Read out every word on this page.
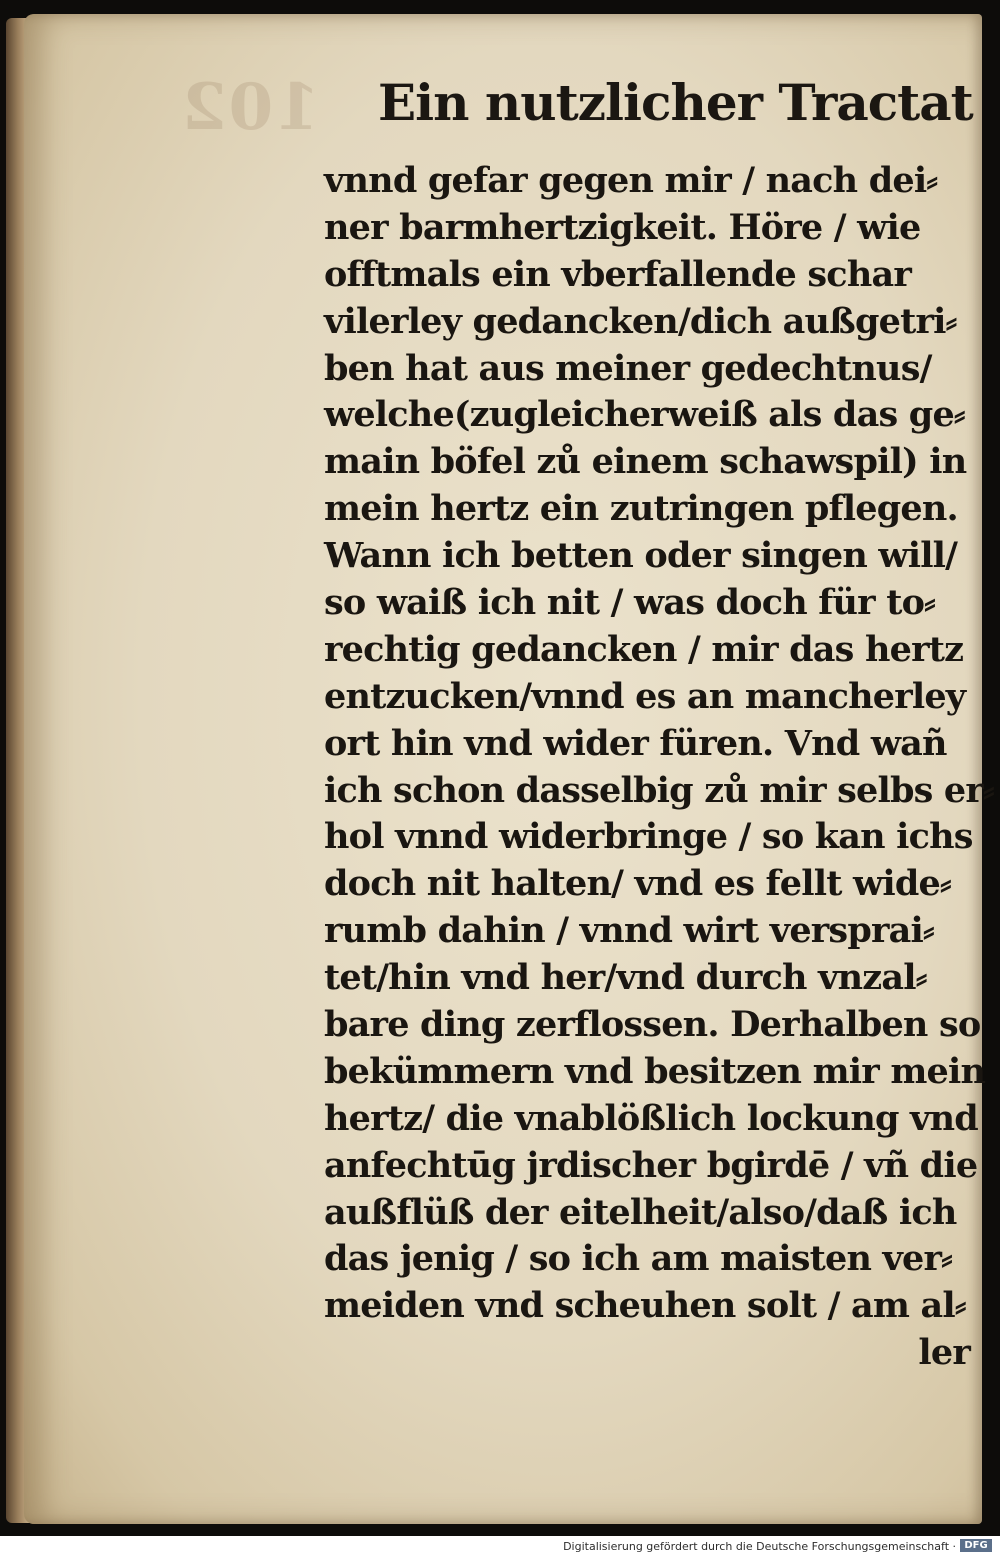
102 Ein nutzlicher Tractat
vnnd gefar gegen mir / nach dei⸗
ner barmhertzigkeit. Höre / wie
offtmals ein vberfallende schar
vilerley gedancken/dich außgetri⸗
ben hat aus meiner gedechtnus/
welche(zugleicherweiß als das ge⸗
main böfel zů einem schawspil) in
mein hertz ein zutringen pflegen.
Wann ich betten oder singen will/
so waiß ich nit / was doch für to⸗
rechtig gedancken / mir das hertz
entzucken/vnnd es an mancherley
ort hin vnd wider füren. Vnd wañ
ich schon dasselbig zů mir selbs er⸗
hol vnnd widerbringe / so kan ichs
doch nit halten/ vnd es fellt wide⸗
rumb dahin / vnnd wirt versprai⸗
tet/hin vnd her/vnd durch vnzal⸗
bare ding zerflossen. Derhalben so
bekümmern vnd besitzen mir mein
hertz/ die vnablößlich lockung vnd
anfechtūg jrdischer bgirdē / vñ die
außflüß der eitelheit/also/daß ich
das jenig / so ich am maisten ver⸗
meiden vnd scheuhen solt / am al⸗
ler
Digitalisierung gefördert durch die Deutsche Forschungsgemeinschaft · DFG
